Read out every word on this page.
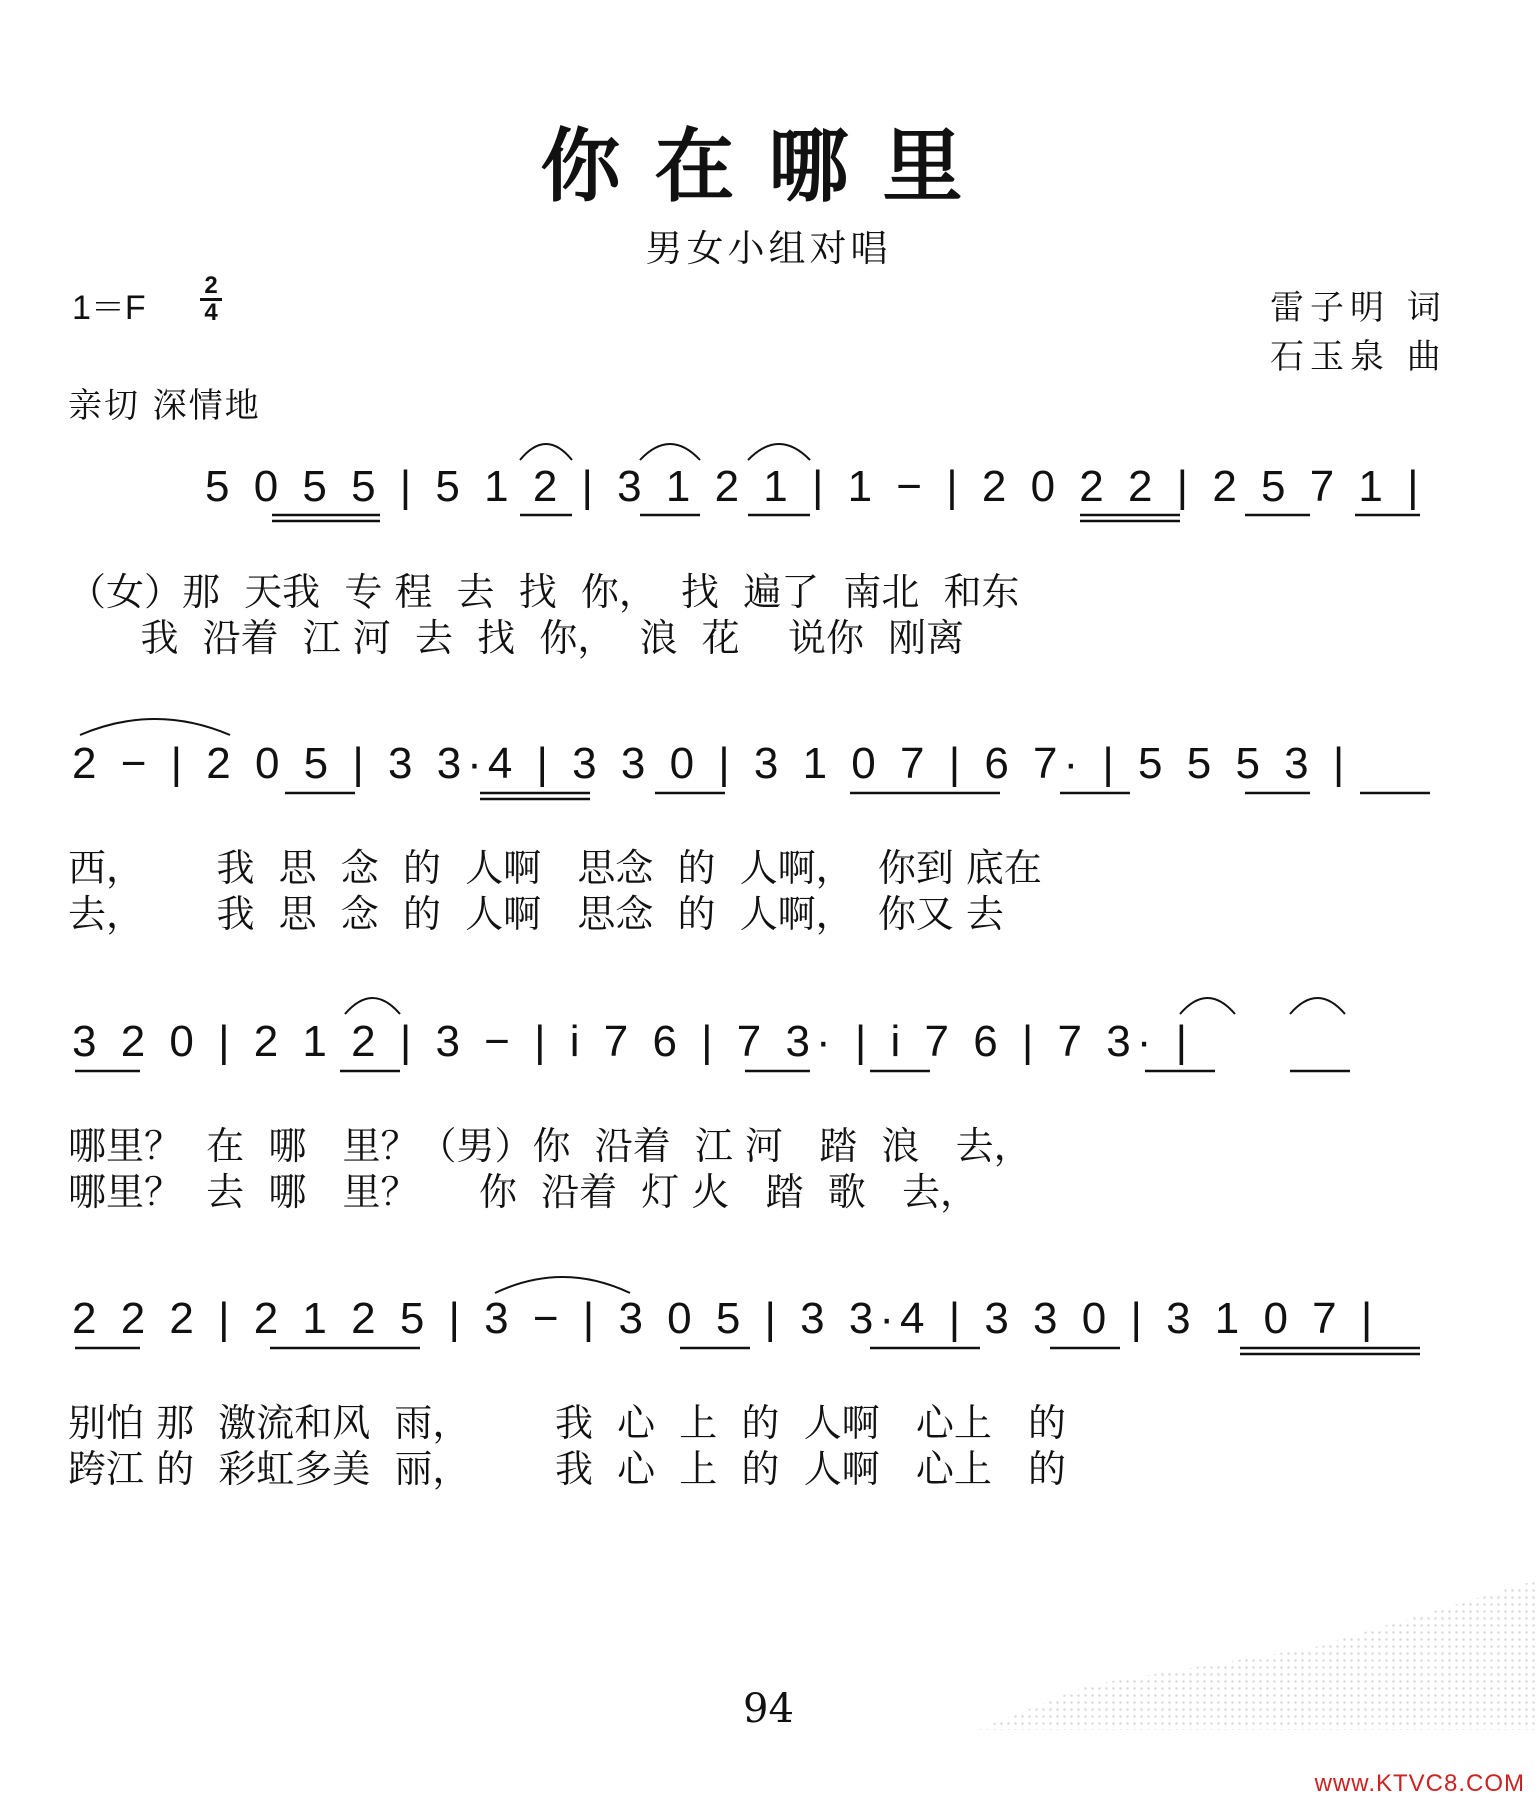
你在哪里
男女小组对唱
1＝F
2
4	雷子明 词
石玉泉 曲
亲切 深情地
5 0 5 5 | 5 1 2 | 3 1 2 1 | 1 − | 2 0 2 2 | 2 5 7 1 |
（女）那  天我  专 程  去  找  你，  找  遍了  南北  和东
我  沿着  江 河  去  找  你，  浪  花    说你  刚离
2 − | 2 0 5 | 3 3·4 | 3 3 0 | 3 1 0 7 | 6 7· | 5 5 5 3 |
西，      我  思  念  的  人啊   思念  的  人啊，  你到 底在
去，      我  思  念  的  人啊   思念  的  人啊，  你又 去
3 2 0 | 2 1 2 | 3 − | i 7 6 | 7 3· | i 7 6 | 7 3· |
哪里？  在  哪   里？（男）你  沿着  江 河   踏  浪   去，
哪里？  去  哪   里？     你  沿着  灯 火   踏  歌   去，
2 2 2 | 2 1 2 5 | 3 − | 3 0 5 | 3 3·4 | 3 3 0 | 3 1 0 7 |
别怕 那  激流和风  雨，       我  心  上  的  人啊   心上   的
跨江 的  彩虹多美  丽，       我  心  上  的  人啊   心上   的
94
www.KTVC8.COM
